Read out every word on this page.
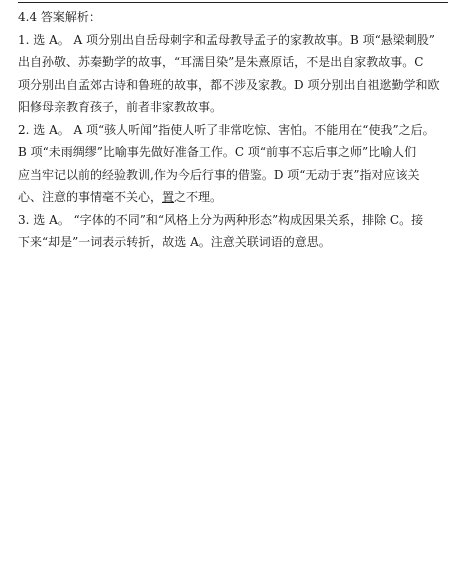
4.4 答案解析：

1. 选 A。 A 项分别出自岳母刺字和孟母教导孟子的家教故事。B 项“悬梁刺股”
出自孙敬、苏秦勤学的故事，“耳濡目染”是朱熹原话，不是出自家教故事。C
项分别出自孟郊古诗和鲁班的故事，都不涉及家教。D 项分别出自祖逖勤学和欧
阳修母亲教育孩子，前者非家教故事。

2. 选 A。 A 项“骇人听闻”指使人听了非常吃惊、害怕。不能用在“使我”之后。
B 项“未雨绸缪”比喻事先做好准备工作。C 项“前事不忘后事之师”比喻人们
应当牢记以前的经验教训,作为今后行事的借鉴。D 项“无动于衷”指对应该关
心、注意的事情毫不关心，置之不理。

3. 选 A。 “字体的不同”和“风格上分为两种形态”构成因果关系，排除 C。接
下来“却是”一词表示转折，故选 A。注意关联词语的意思。
